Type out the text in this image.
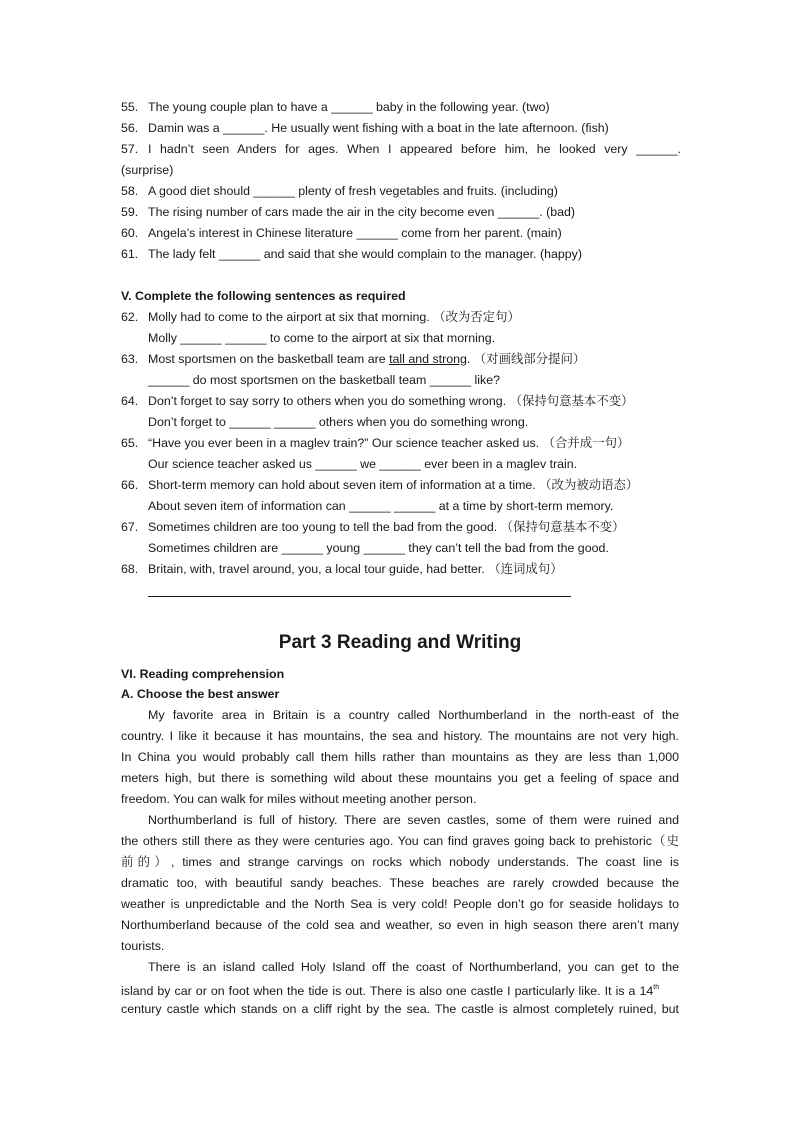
55. The young couple plan to have a ______ baby in the following year. (two)
56. Damin was a ______. He usually went fishing with a boat in the late afternoon. (fish)
57. I hadn’t seen Anders for ages. When I appeared before him, he looked very ______.
(surprise)
58. A good diet should ______ plenty of fresh vegetables and fruits. (including)
59. The rising number of cars made the air in the city become even ______. (bad)
60. Angela’s interest in Chinese literature ______ come from her parent. (main)
61. The lady felt ______ and said that she would complain to the manager. (happy)
V. Complete the following sentences as required
62. Molly had to come to the airport at six that morning. （改为否定句）
Molly ______ ______ to come to the airport at six that morning.
63. Most sportsmen on the basketball team are tall and strong. （对画线部分提问）
______ do most sportsmen on the basketball team ______ like?
64. Don’t forget to say sorry to others when you do something wrong. （保持句意基本不变）
Don’t forget to ______ ______ others when you do something wrong.
65. “Have you ever been in a maglev train?” Our science teacher asked us. （合并成一句）
Our science teacher asked us ______ we ______ ever been in a maglev train.
66. Short-term memory can hold about seven item of information at a time. （改为被动语态）
About seven item of information can ______ ______ at a time by short-term memory.
67. Sometimes children are too young to tell the bad from the good. （保持句意基本不变）
Sometimes children are ______ young ______ they can’t tell the bad from the good.
68. Britain, with, travel around, you, a local tour guide, had better. （连词成句）
Part 3 Reading and Writing
VI. Reading comprehension
A. Choose the best answer
My favorite area in Britain is a country called Northumberland in the north-east of the
country. I like it because it has mountains, the sea and history. The mountains are not very high.
In China you would probably call them hills rather than mountains as they are less than 1,000
meters high, but there is something wild about these mountains you get a feeling of space and
freedom. You can walk for miles without meeting another person.
Northumberland is full of history. There are seven castles, some of them were ruined and
the others still there as they were centuries ago. You can find graves going back to prehistoric（史
前的）, times and strange carvings on rocks which nobody understands. The coast line is
dramatic too, with beautiful sandy beaches. These beaches are rarely crowded because the
weather is unpredictable and the North Sea is very cold! People don’t go for seaside holidays to
Northumberland because of the cold sea and weather, so even in high season there aren’t many
tourists.
There is an island called Holy Island off the coast of Northumberland, you can get to the
island by car or on foot when the tide is out. There is also one castle I particularly like. It is a 14th
century castle which stands on a cliff right by the sea. The castle is almost completely ruined, but
